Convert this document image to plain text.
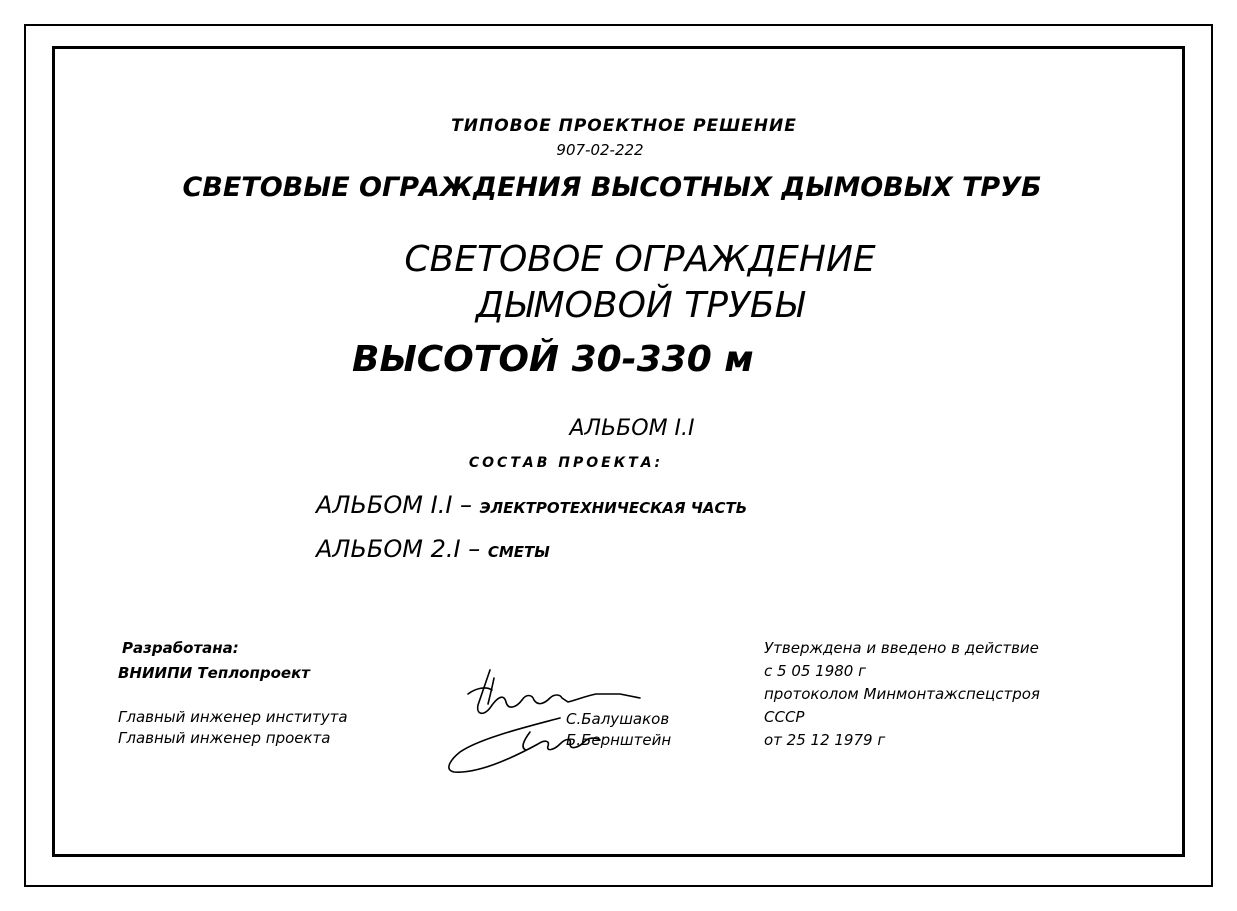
ТИПОВОЕ ПРОЕКТНОЕ РЕШЕНИЕ

907-02-222

СВЕТОВЫЕ ОГРАЖДЕНИЯ ВЫСОТНЫХ ДЫМОВЫХ ТРУБ

СВЕТОВОЕ ОГРАЖДЕНИЕ

ДЫМОВОЙ ТРУБЫ

ВЫСОТОЙ 30-330 м

АЛЬБОМ I.I

СОСТАВ ПРОЕКТА:

АЛЬБОМ I.I – ЭЛЕКТРОТЕХНИЧЕСКАЯ ЧАСТЬ

АЛЬБОМ 2.I – СМЕТЫ

Разработана:

ВНИИПИ Теплопроект

Главный инженер института

Главный инженер проекта

С.Балушаков

Б.Бернштейн

Утверждена и введено в действие

с 5 05 1980 г

протоколом Минмонтажспецстроя

СССР

от 25 12 1979 г
